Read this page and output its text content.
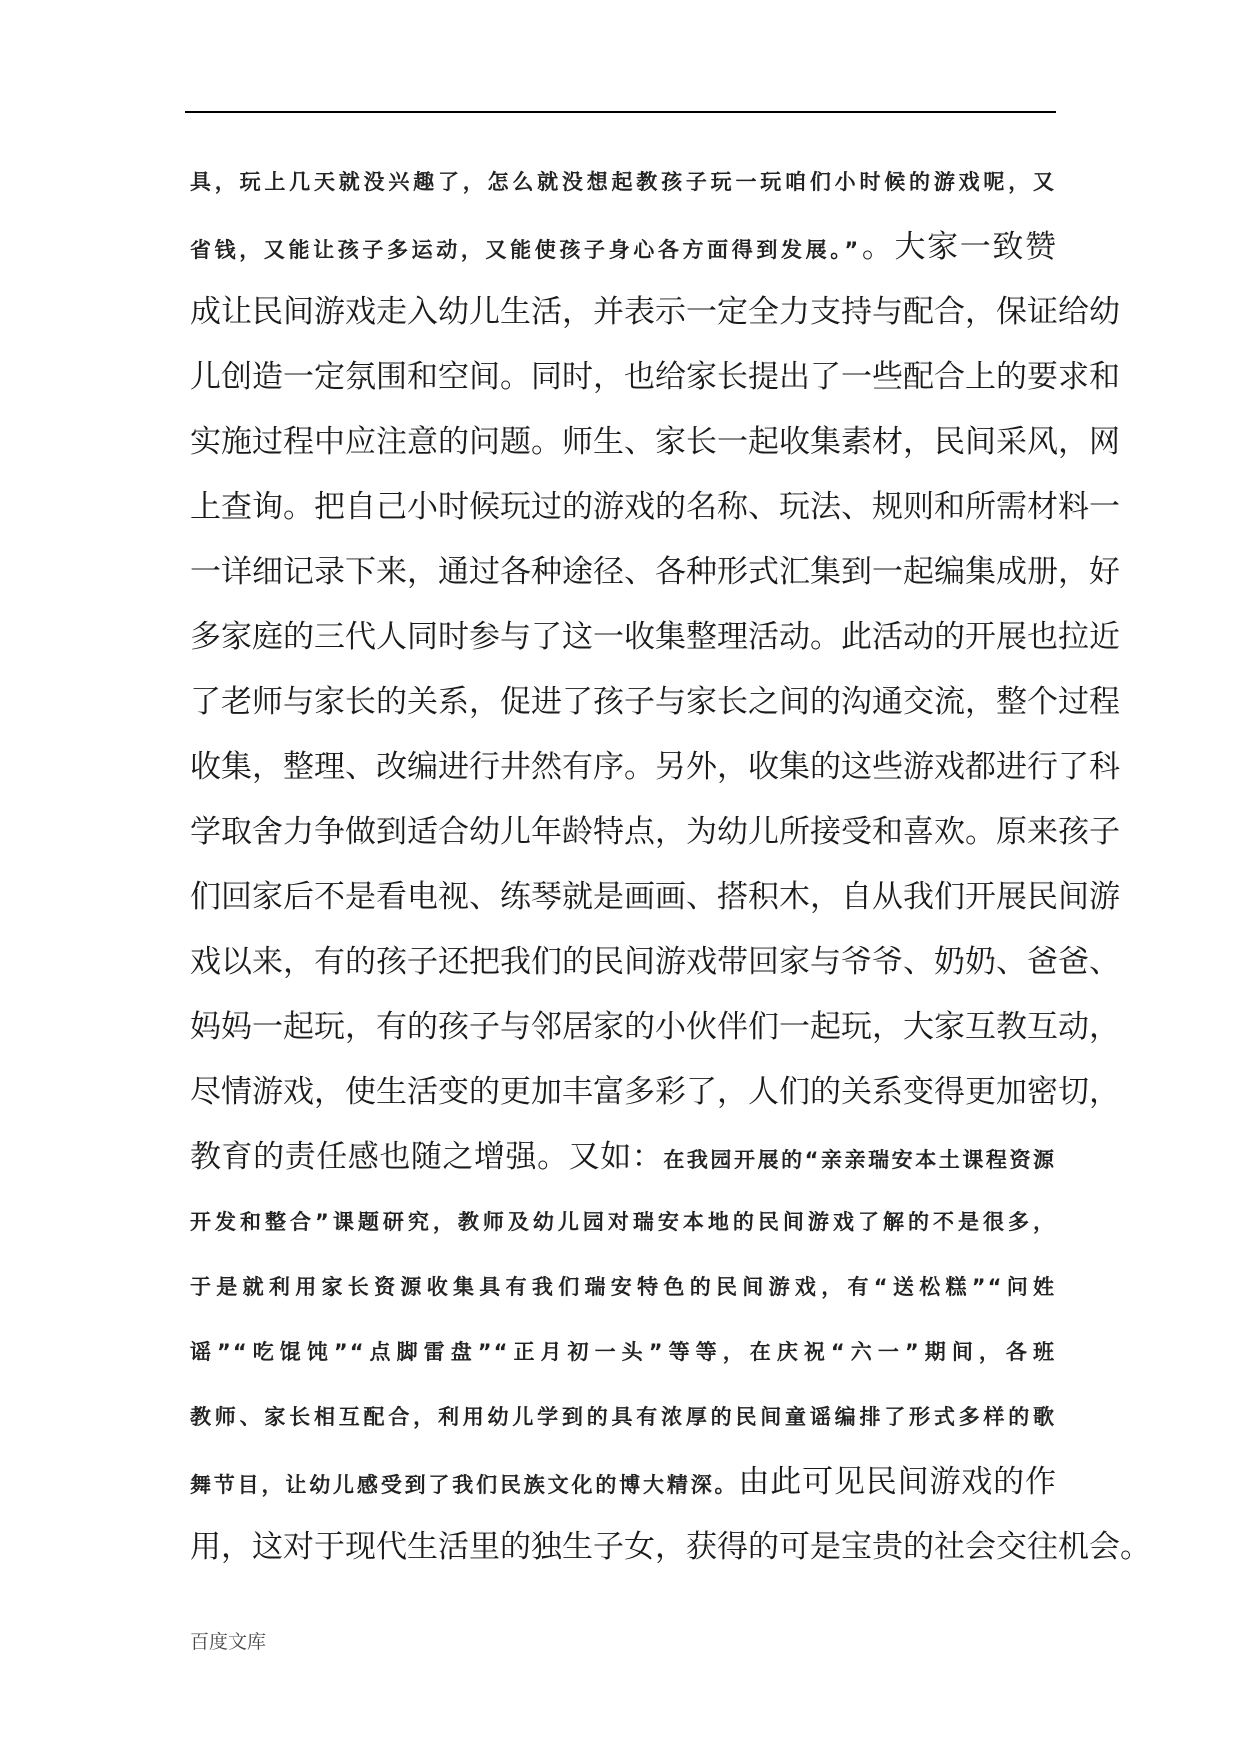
具，玩上几天就没兴趣了，怎么就没想起教孩子玩一玩咱们小时候的游戏呢，又
省钱，又能让孩子多运动，又能使孩子身心各方面得到发展。”。大家一致赞
成让民间游戏走入幼儿生活，并表示一定全力支持与配合，保证给幼
儿创造一定氛围和空间。同时，也给家长提出了一些配合上的要求和
实施过程中应注意的问题。师生、家长一起收集素材，民间采风，网
上查询。把自己小时候玩过的游戏的名称、玩法、规则和所需材料一
一详细记录下来，通过各种途径、各种形式汇集到一起编集成册，好
多家庭的三代人同时参与了这一收集整理活动。此活动的开展也拉近
了老师与家长的关系，促进了孩子与家长之间的沟通交流，整个过程
收集，整理、改编进行井然有序。另外，收集的这些游戏都进行了科
学取舍力争做到适合幼儿年龄特点，为幼儿所接受和喜欢。原来孩子
们回家后不是看电视、练琴就是画画、搭积木，自从我们开展民间游
戏以来，有的孩子还把我们的民间游戏带回家与爷爷、奶奶、爸爸、
妈妈一起玩，有的孩子与邻居家的小伙伴们一起玩，大家互教互动，
尽情游戏，使生活变的更加丰富多彩了，人们的关系变得更加密切，
教育的责任感也随之增强。又如：在我园开展的“亲亲瑞安本土课程资源
开发和整合”课题研究，教师及幼儿园对瑞安本地的民间游戏了解的不是很多，
于是就利用家长资源收集具有我们瑞安特色的民间游戏，有“送松糕”“问姓
谣”“吃馄饨”“点脚雷盘”“正月初一头”等等，在庆祝“六一”期间，各班
教师、家长相互配合，利用幼儿学到的具有浓厚的民间童谣编排了形式多样的歌
舞节目，让幼儿感受到了我们民族文化的博大精深。由此可见民间游戏的作
用，这对于现代生活里的独生子女，获得的可是宝贵的社会交往机会。
百度文库
